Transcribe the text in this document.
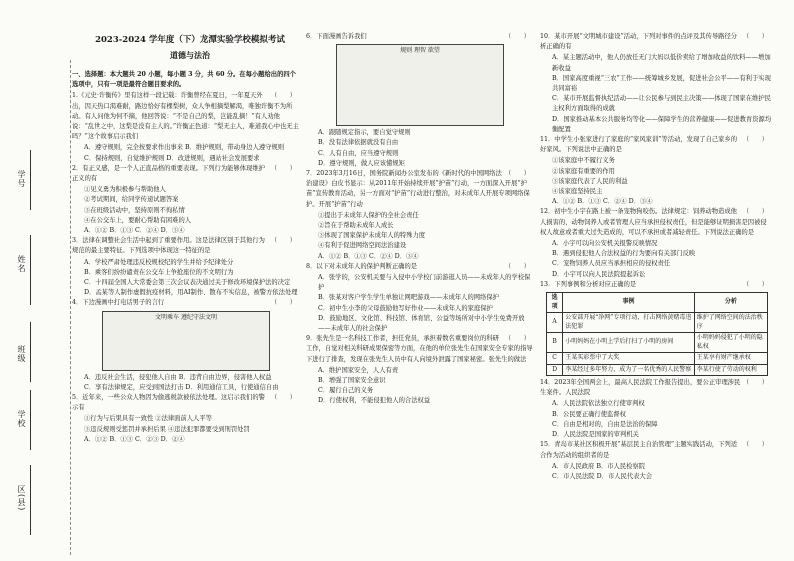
学号
姓名
班级
学校
区(县)
2023-2024 学年度（下）龙潭实验学校模拟考试
道德与法治
一、选择题：本大题共 20 小题，每小题 3 分，共 60 分。在每小题给出的四个选项中，只有一项是最符合题目要求的。
（　　）
1.《元史·许衡传》里有这样一段记载：许衡曾经在夏日，一年夏天外出，因天热口渴难耐，路边恰好有棵梨树，众人争相摘梨解渴，唯独许衡不为所动。有人问他为何不摘，他回答说：“不是自己的梨，岂能乱摘！”有人劝他说：“乱世之中，这梨是没有主人的。”许衡正色道：“梨无主人，难道我心中也无主吗？”这个故事启示我们
A．遵守规则，完全按要求作出事来 B．维护规则，带动身边人遵守规则
C．保持规则，自觉维护规则 D．改进规则，遇站社会发展要求
（　　）
2．有正义感，是一个人正直品格的重要表现。下列行为能够体现维护正义的有
①见义勇为积极参与帮助他人
②考试期间，给同学传递试题答案
③在班级活动中，坚持原则不徇私情
④在公交车上，要耐心帮助有困难的人
A．①② B．①③ C．②④ D．③④
（　　）
3．法律在调整社会生活中起到了重要作用。这是法律区别于其他行为规范的最主要特征。下列选项中体现这一特征的是
A．学校严肃处理违反校规校纪的学生并给予纪律处分
B．乘客们纷纷谴责在公交车上争抢座位的不文明行为
C．十四届全国人大常委会第三次会议表决通过关于修改环境保护法的决定
D．孟某等人制作虚假抗疫材料，用AI制作、散布不实信息，被警方依法处理
（　　）
4．下边漫画中打电话男子的言行
文明乘车 遵纪守法文明
A．违反社会生活，侵犯他人自由 B．违背自由边界，侵害他人权益
C．享有法律规定，应受到国法打击 D．利用通信工具，行使通信自由
（　　）
5．近年来，一些公众人物因为偷逃税款被依法处理。这启示我们的警示有
①行为与后果具有一致性 ②法律面前人人平等
③违反规则受惩罚并承担后果 ④违法犯罪都要受到刑罚处罚
A．①② B．①③ C．②③ D．②④
（　　）
6．下面漫画告诉我们
规则 理智 欲望
A．跟随规定指示，要自觉守规则
B．没有法律依据就没有自由
C．人有自由，应当遵守规则
D．遵守规则，做人应该懂规矩
（　　）
7．2023年3月16日，国务院新闻办公室发布的《新时代的中国网络法治建设》白皮书显示：从2011年开始持续开展“护苗”行动，一方面深入开展“护苗”宣传教育活动，另一方面对“护苗”行动进行整治，对未成年人开展专项网络保护。开展“护苗”行动
①提出于未成年人保护的全社会责任
②旨在于帮助未成年人成长
③体现了国家保护未成年人的特殊力度
④有利于促进网络空间法治建设
A．①② B．①③ C．②④ D．③④
（　　）
8．以下对未成年人的保护判断正确的是
A．张学的，公安机关要与入侵中小学校门前游逛人员——未成年人的学校保护
B．张某对客户学生学生单独让网吧游戏——未成年人的网络保护
C．初中生小李的父母鼓励他写好作业——未成年人的家庭保护
D．鼓励地区、文化馆、科技馆、体育馆、公益等场所对中小学生免费开放——未成年人的社会保护
（　　）
9．张先生是一名科技工作者，担任党员，承担着数名重要岗位的科研工作，自觉对相关科研成果保密等方面，在他的单位张先生在国家安全专家的指导下进行了排查，发现在张先生人员中有人向境外泄露了国家秘密。张先生的做法
A．维护国家安全，人人有责
B．增强了国家安全意识
C．履行自己的义务
D．行使权利，不能侵犯他人的合法权益
（　　）
10．某市开展“文明城市建设”活动，下列对事件的点评及其传导路径分析正确的有
A．某主题活动中，他人仍放任无门大妈以低价卖给了增加收益的饮料——增加新收益
B．国家高度重视“三农”工作——统筹城乡发展，促进社会公平——有利于实现共同富裕
C．某市开展监督执纪活动——让公民参与到民主决策——体现了国家在维护民主权利方面取得的成就
D．国家推动基本公共服务均等化——保障学生的营养健康——促进教育资源均衡配置
（　　）
11．中学生小张家进行了家庭的“家风家训”等活动，发现了自己家乡的好家风。下列说法中正确的是
①该家庭中不履行义务
②该家庭有重要的作用
③该家庭代表了人民的利益
④该家庭坚持民主
A．①② B．①③ C．②④ D．③④
（　　）
12．初中生小宇在路上被一条宠物狗咬伤。法律规定：饲养动物造成他人损害的，动物饲养人或者管理人应当承担侵权责任，但是能够证明损害是因被侵权人故意或者重大过失造成的，可以不承担或者减轻责任。下列说法正确的是
A．小宇可以向公安机关报警反映情况
B．遇到侵犯他人合法权益的行为要向有关部门反映
C．宠物饲养人员应当承担相应的侵权责任
D．小宇可以向人民法院提起诉讼
（　　）
13．下列事例和分析对应正确的是
选项	事例	分析
A	公安部开展“净网”专项行动，打击网络黄赌毒违法犯罪	维护了网络空间的法治秩序
B	小明妈妈在小明上学后打扫了小明的房间	小明妈妈侵犯了小明的隐私权
C	王某买彩票中了大奖	王某享有财产继承权
D	李某经过多年努力，成为了一名优秀的人民警察	李某行使了劳动的权利
（　　）
14．2023年全国两会上，最高人民法院工作报告提出，要公正审理涉民生案件。人民法院
A．人民法院依法独立行使审判权
B．公民要正确行使监督权
C．自由是相对的，自由是法治的保障
D．人民法院是国家的审判机关
（　　）
15．青岛市某社区积极开展“基层民主自治管理”主题实践活动，下列适合作为活动的组织者的是
A．市人民政府 B．市人民检察院
C．市人民法院 D．市人民代表大会
